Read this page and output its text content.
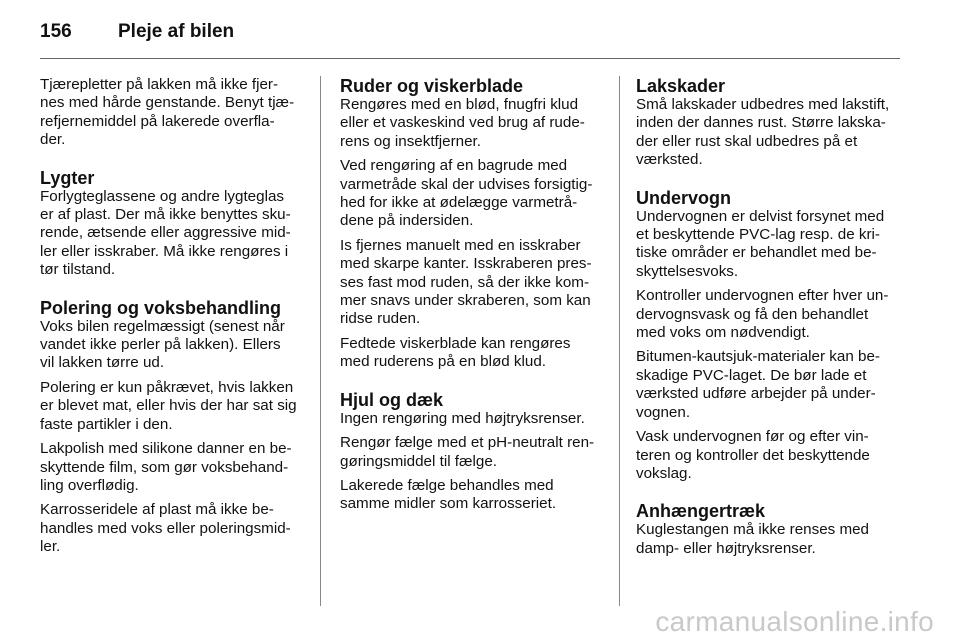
156	Pleje af bilen

Tjærepletter på lakken må ikke fjer-
nes med hårde genstande. Benyt tjæ-
refjernemiddel på lakerede overfla-
der.

Lygter

Forlygteglassene og andre lygteglas
er af plast. Der må ikke benyttes sku-
rende, ætsende eller aggressive mid-
ler eller isskraber. Må ikke rengøres i
tør tilstand.

Polering og voksbehandling

Voks bilen regelmæssigt (senest når
vandet ikke perler på lakken). Ellers
vil lakken tørre ud.

Polering er kun påkrævet, hvis lakken
er blevet mat, eller hvis der har sat sig
faste partikler i den.

Lakpolish med silikone danner en be-
skyttende film, som gør voksbehand-
ling overflødig.

Karrosseridele af plast må ikke be-
handles med voks eller poleringsmid-
ler.

Ruder og viskerblade

Rengøres med en blød, fnugfri klud
eller et vaskeskind ved brug af rude-
rens og insektfjerner.

Ved rengøring af en bagrude med
varmetråde skal der udvises forsigtig-
hed for ikke at ødelægge varmetrå-
dene på indersiden.

Is fjernes manuelt med en isskraber
med skarpe kanter. Isskraberen pres-
ses fast mod ruden, så der ikke kom-
mer snavs under skraberen, som kan
ridse ruden.

Fedtede viskerblade kan rengøres
med ruderens på en blød klud.

Hjul og dæk

Ingen rengøring med højtryksrenser.

Rengør fælge med et pH-neutralt ren-
gøringsmiddel til fælge.

Lakerede fælge behandles med
samme midler som karrosseriet.

Lakskader

Små lakskader udbedres med lakstift,
inden der dannes rust. Større lakska-
der eller rust skal udbedres på et
værksted.

Undervogn

Undervognen er delvist forsynet med
et beskyttende PVC-lag resp. de kri-
tiske områder er behandlet med be-
skyttelsesvoks.

Kontroller undervognen efter hver un-
dervognsvask og få den behandlet
med voks om nødvendigt.

Bitumen-kautsjuk-materialer kan be-
skadige PVC-laget. De bør lade et
værksted udføre arbejder på under-
vognen.

Vask undervognen før og efter vin-
teren og kontroller det beskyttende
vokslag.

Anhængertræk

Kuglestangen må ikke renses med
damp- eller højtryksrenser.

carmanualsonline.info
